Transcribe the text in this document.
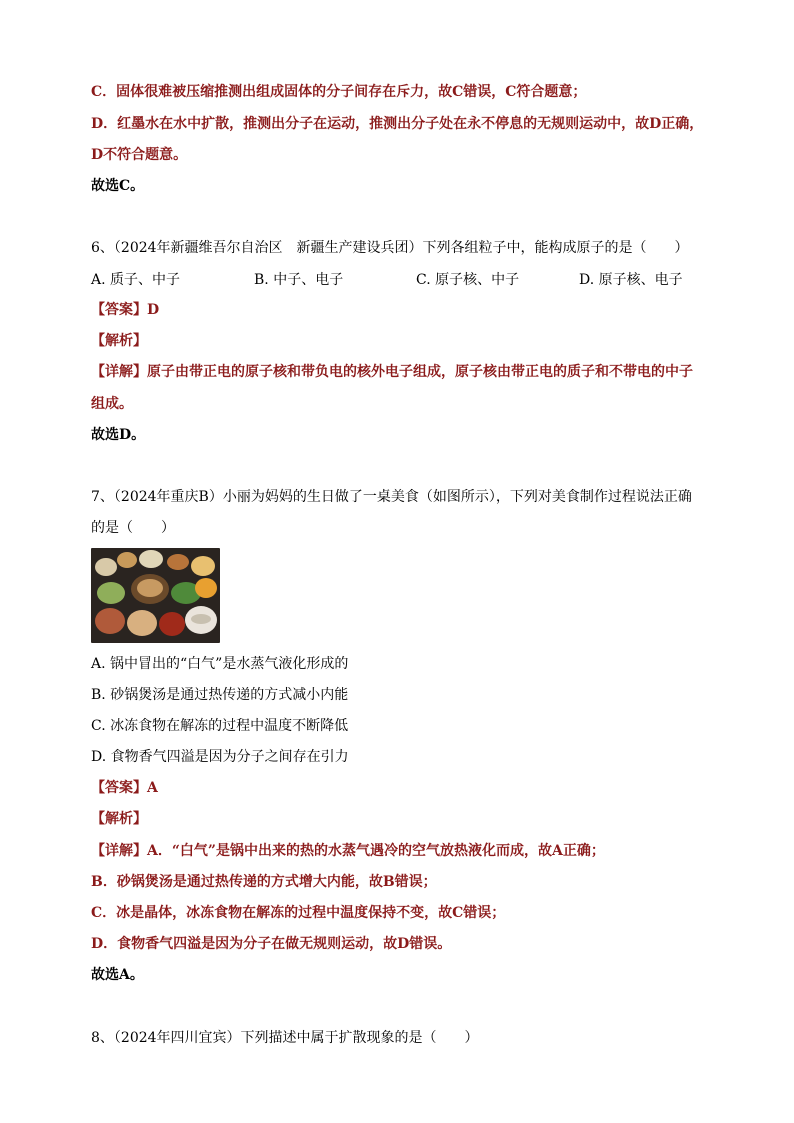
C．固体很难被压缩推测出组成固体的分子间存在斥力，故C错误，C符合题意；
D．红墨水在水中扩散，推测出分子在运动，推测出分子处在永不停息的无规则运动中，故D正确，
D不符合题意。
故选C。
6、（2024年新疆维吾尔自治区　新疆生产建设兵团）下列各组粒子中，能构成原子的是（　　）
A. 质子、中子	B. 中子、电子	C. 原子核、中子	D. 原子核、电子
【答案】D
【解析】
【详解】原子由带正电的原子核和带负电的核外电子组成，原子核由带正电的质子和不带电的中子
组成。
故选D。
7、（2024年重庆B）小丽为妈妈的生日做了一桌美食（如图所示），下列对美食制作过程说法正确
的是（　　）
A. 锅中冒出的“白气”是水蒸气液化形成的
B. 砂锅煲汤是通过热传递的方式减小内能
C. 冰冻食物在解冻的过程中温度不断降低
D. 食物香气四溢是因为分子之间存在引力
【答案】A
【解析】
【详解】A．“白气”是锅中出来的热的水蒸气遇冷的空气放热液化而成，故A正确；
B．砂锅煲汤是通过热传递的方式增大内能，故B错误；
C．冰是晶体，冰冻食物在解冻的过程中温度保持不变，故C错误；
D．食物香气四溢是因为分子在做无规则运动，故D错误。
故选A。
8、（2024年四川宜宾）下列描述中属于扩散现象的是（　　）
